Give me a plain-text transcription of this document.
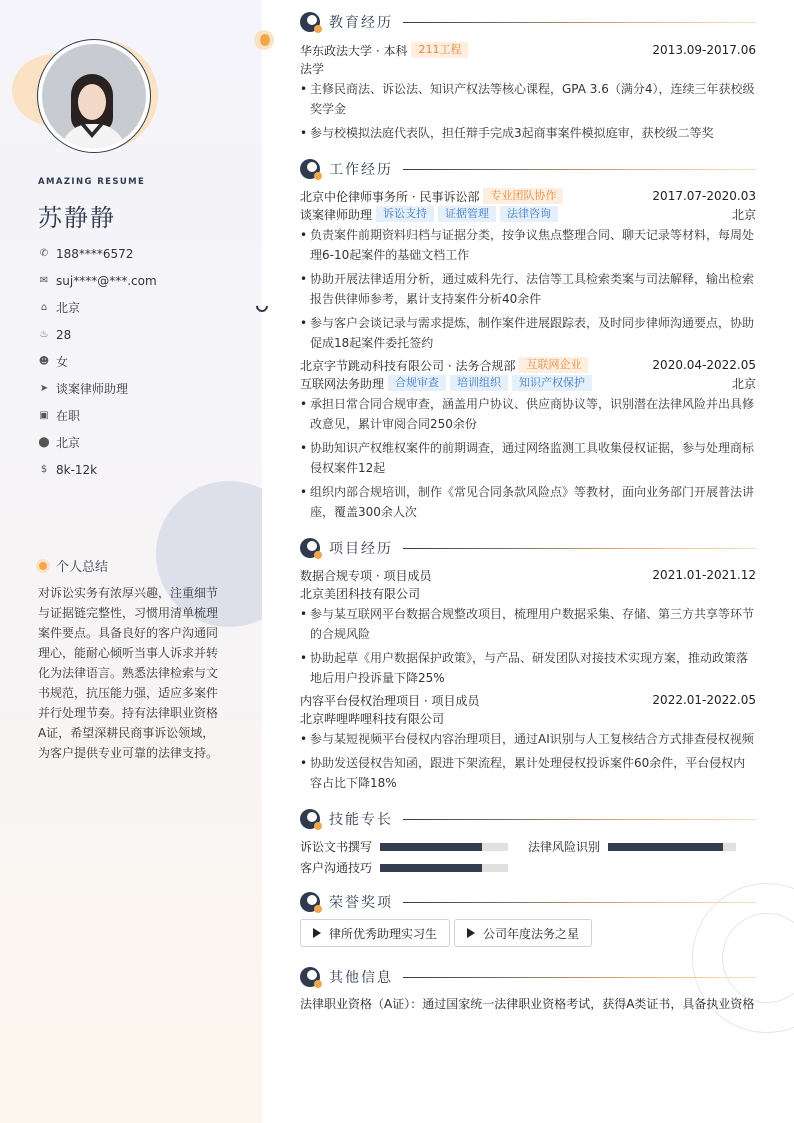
AMAZING RESUME
苏静静
✆ 188****6572
✉ suj****@***.com
⌂ 北京
♨ 28
☻ 女
➤ 谈案律师助理
▣ 在职
⬤ 北京
$ 8k-12k
个人总结
对诉讼实务有浓厚兴趣，注重细节与证据链完整性，习惯用清单梳理案件要点。具备良好的客户沟通同理心，能耐心倾听当事人诉求并转化为法律语言。熟悉法律检索与文书规范，抗压能力强，适应多案件并行处理节奏。持有法律职业资格A证，希望深耕民商事诉讼领域，为客户提供专业可靠的法律支持。
教育经历
华东政法大学 · 本科	211工程	2013.09-2017.06
法学
• 主修民商法、诉讼法、知识产权法等核心课程，GPA 3.6（满分4），连续三年获校级奖学金
• 参与校模拟法庭代表队，担任辩手完成3起商事案件模拟庭审，获校级二等奖
工作经历
北京中伦律师事务所 · 民事诉讼部	专业团队协作	2017.07-2020.03
谈案律师助理	诉讼支持	证据管理	法律咨询	北京
• 负责案件前期资料归档与证据分类，按争议焦点整理合同、聊天记录等材料，每周处理6-10起案件的基础文档工作
• 协助开展法律适用分析，通过威科先行、法信等工具检索类案与司法解释，输出检索报告供律师参考，累计支持案件分析40余件
• 参与客户会谈记录与需求提炼，制作案件进展跟踪表，及时同步律师沟通要点，协助促成18起案件委托签约
北京字节跳动科技有限公司 · 法务合规部	互联网企业	2020.04-2022.05
互联网法务助理	合规审查	培训组织	知识产权保护	北京
• 承担日常合同合规审查，涵盖用户协议、供应商协议等，识别潜在法律风险并出具修改意见，累计审阅合同250余份
• 协助知识产权维权案件的前期调查，通过网络监测工具收集侵权证据，参与处理商标侵权案件12起
• 组织内部合规培训，制作《常见合同条款风险点》等教材，面向业务部门开展普法讲座，覆盖300余人次
项目经历
数据合规专项 · 项目成员	2021.01-2021.12
北京美团科技有限公司
• 参与某互联网平台数据合规整改项目，梳理用户数据采集、存储、第三方共享等环节的合规风险
• 协助起草《用户数据保护政策》，与产品、研发团队对接技术实现方案，推动政策落地后用户投诉量下降25%
内容平台侵权治理项目 · 项目成员	2022.01-2022.05
北京哔哩哔哩科技有限公司
• 参与某短视频平台侵权内容治理项目，通过AI识别与人工复核结合方式排查侵权视频
• 协助发送侵权告知函，跟进下架流程，累计处理侵权投诉案件60余件，平台侵权内容占比下降18%
技能专长
诉讼文书撰写	法律风险识别
客户沟通技巧
荣誉奖项
律所优秀助理实习生	公司年度法务之星
其他信息
法律职业资格（A证）：通过国家统一法律职业资格考试，获得A类证书，具备执业资格
